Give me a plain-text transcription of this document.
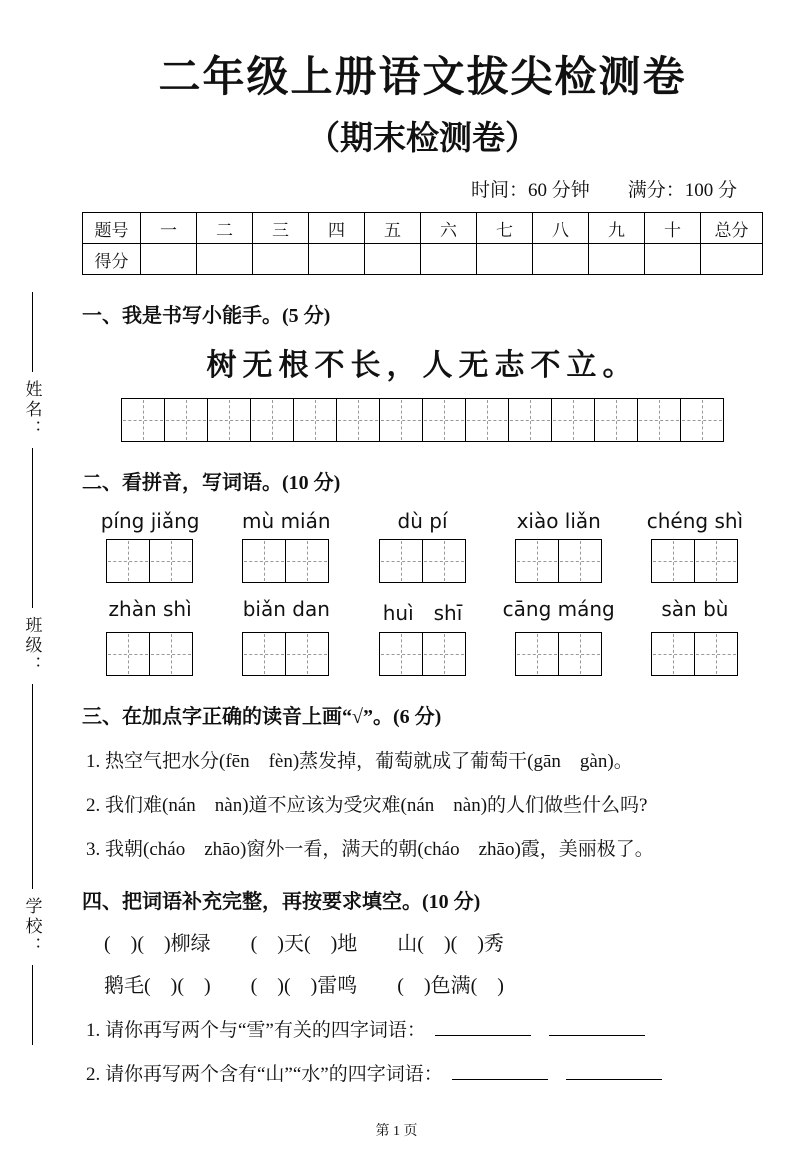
姓名：
班级：
学校：
二年级上册语文拔尖检测卷
（期末检测卷）
时间：60 分钟　　满分：100 分
题号	一	二	三	四	五	六	七	八	九	十	总分
得分											
一、我是书写小能手。(5 分)
树无根不长，人无志不立。
二、看拼音，写词语。(10 分)
píng jiǎng	mù mián	dù pí	xiào liǎn	chéng shì
zhàn shì	biǎn dan	huì　shī	cāng máng	sàn bù
三、在加点字正确的读音上画“√”。(6 分)
1. 热空气把水分(fēn　fèn)蒸发掉，葡萄就成了葡萄干(gān　gàn)。
2. 我们难(nán　nàn)道不应该为受灾难(nán　nàn)的人们做些什么吗?
3. 我朝(cháo　zhāo)窗外一看，满天的朝(cháo　zhāo)霞，美丽极了。
四、把词语补充完整，再按要求填空。(10 分)
(　)(　)柳绿　　(　)天(　)地　　山(　)(　)秀
鹅毛(　)(　)　　(　)(　)雷鸣　　(　)色满(　)
1. 请你再写两个与“雪”有关的四字词语：
2. 请你再写两个含有“山”“水”的四字词语：
第 1 页
